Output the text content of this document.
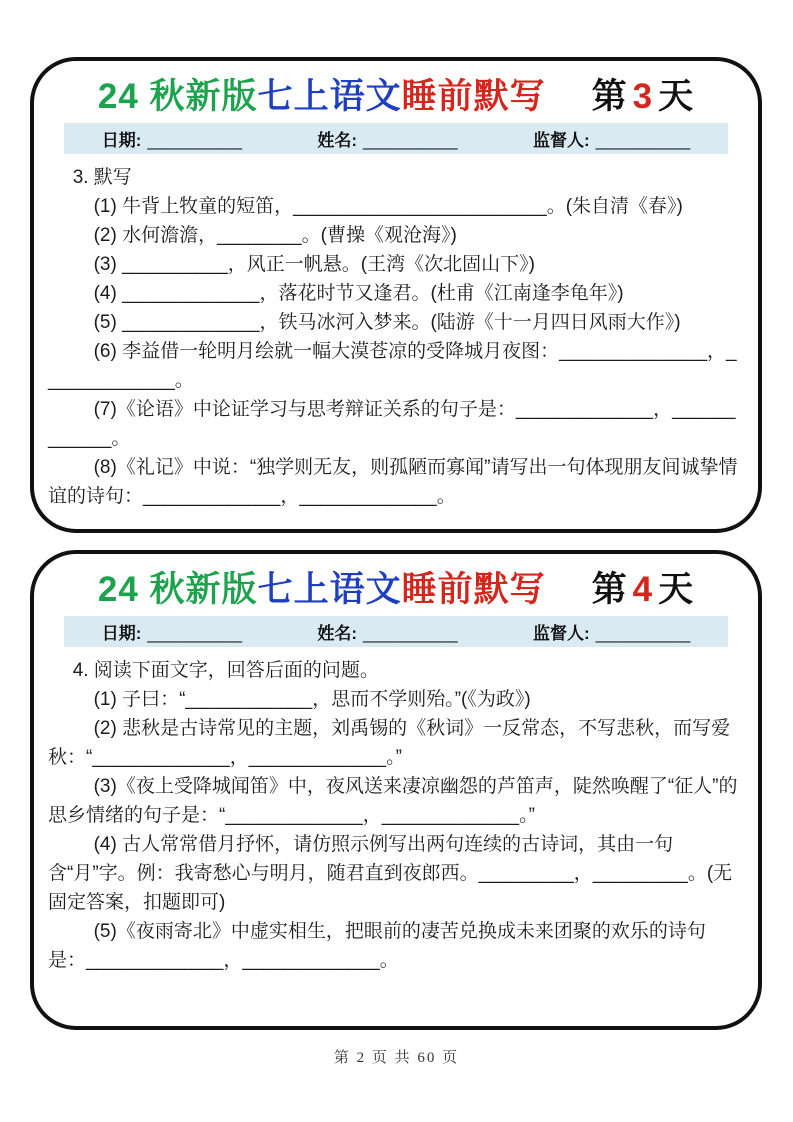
24 秋新版 七上语文 睡前默写 第 3 天
日期: __________	姓名: __________	监督人: __________

3. 默写

(1) 牛背上牧童的短笛，________________________。(朱自清《春》)

(2) 水何澹澹，________。(曹操《观沧海》)

(3) __________，风正一帆悬。(王湾《次北固山下》)

(4) _____________，落花时节又逢君。(杜甫《江南逢李龟年》)

(5) _____________，铁马冰河入梦来。(陆游《十一月四日风雨大作》)

(6) 李益借一轮明月绘就一幅大漠苍凉的受降城月夜图：______________，_____________。

(7)《论语》中论证学习与思考辩证关系的句子是：_____________，____________。

(8)《礼记》中说：“独学则无友，则孤陋而寡闻”请写出一句体现朋友间诚挚情谊的诗句：_____________，_____________。

24 秋新版 七上语文 睡前默写 第 4 天
日期: __________	姓名: __________	监督人: __________

4. 阅读下面文字，回答后面的问题。

(1) 子曰：“____________，思而不学则殆。”(《为政》)

(2) 悲秋是古诗常见的主题，刘禹锡的《秋词》一反常态，不写悲秋，而写爱秋：“_____________，_____________。”

(3)《夜上受降城闻笛》中，夜风送来凄凉幽怨的芦笛声，陡然唤醒了“征人”的思乡情绪的句子是：“_____________，_____________。”

(4) 古人常常借月抒怀，请仿照示例写出两句连续的古诗词，其由一句含“月”字。例：我寄愁心与明月，随君直到夜郎西。_________，_________。(无固定答案，扣题即可)

(5)《夜雨寄北》中虚实相生，把眼前的凄苦兑换成未来团聚的欢乐的诗句是：_____________，_____________。

第 2 页 共 60 页
